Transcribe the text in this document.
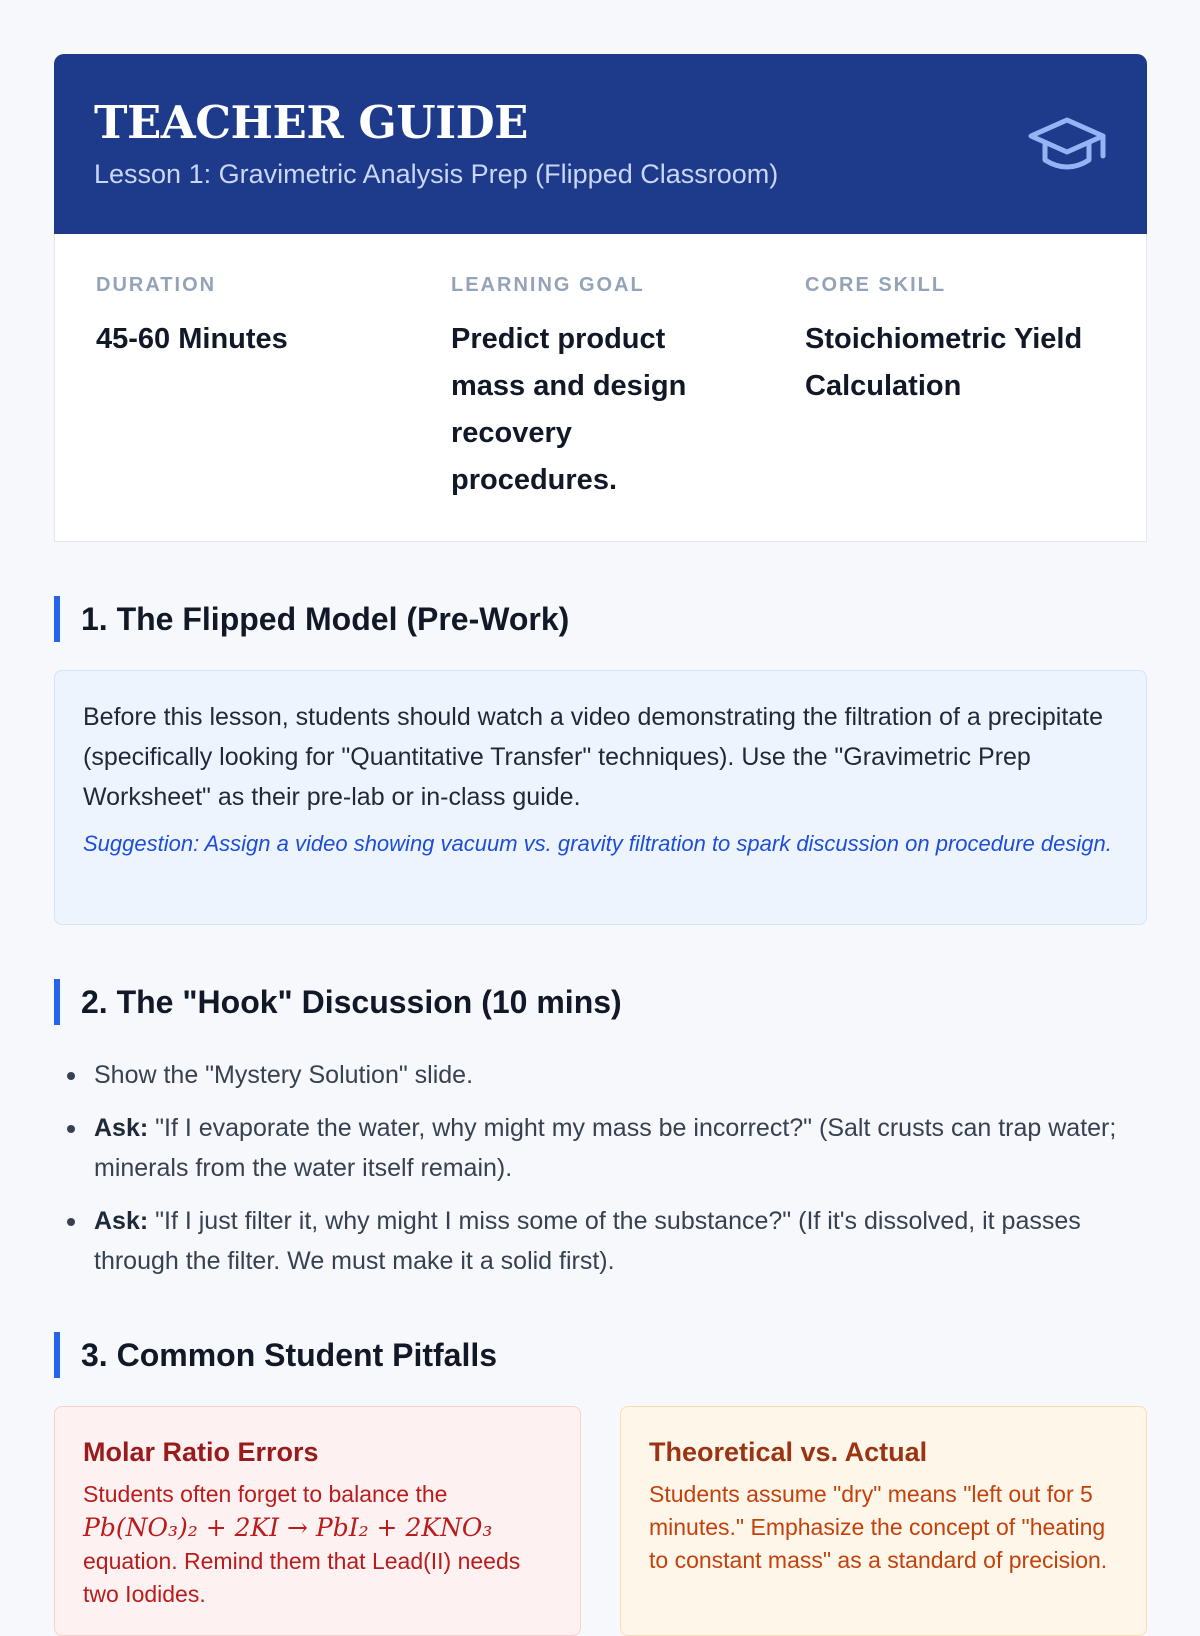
TEACHER GUIDE
Lesson 1: Gravimetric Analysis Prep (Flipped Classroom)
DURATION
45-60 Minutes
LEARNING GOAL
Predict product mass and design recovery procedures.
CORE SKILL
Stoichiometric Yield Calculation
1. The Flipped Model (Pre-Work)
Before this lesson, students should watch a video demonstrating the filtration of a precipitate (specifically looking for "Quantitative Transfer" techniques). Use the "Gravimetric Prep Worksheet" as their pre-lab or in-class guide.
Suggestion: Assign a video showing vacuum vs. gravity filtration to spark discussion on procedure design.
2. The "Hook" Discussion (10 mins)
Show the "Mystery Solution" slide.
Ask: "If I evaporate the water, why might my mass be incorrect?" (Salt crusts can trap water; minerals from the water itself remain).
Ask: "If I just filter it, why might I miss some of the substance?" (If it's dissolved, it passes through the filter. We must make it a solid first).
3. Common Student Pitfalls
Molar Ratio Errors
Students often forget to balance the
Pb(NO₃)₂ + 2KI → PbI₂ + 2KNO₃
equation. Remind them that Lead(II) needs two Iodides.
Theoretical vs. Actual
Students assume "dry" means "left out for 5 minutes." Emphasize the concept of "heating to constant mass" as a standard of precision.
